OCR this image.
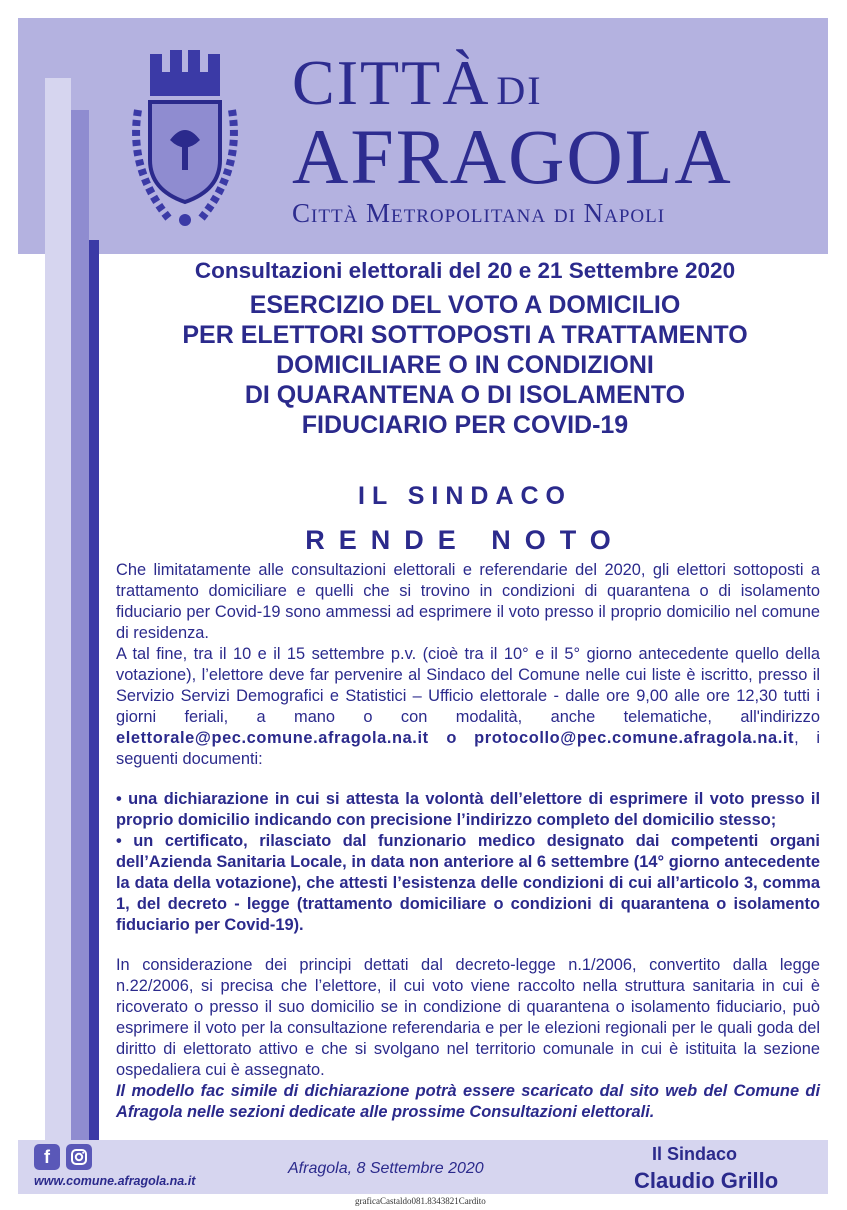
CITTÀ DI

AFRAGOLA

Città Metropolitana di Napoli

Consultazioni elettorali del 20 e 21 Settembre 2020

ESERCIZIO DEL VOTO A DOMICILIO
PER ELETTORI SOTTOPOSTI A TRATTAMENTO
DOMICILIARE O IN CONDIZIONI
DI QUARANTENA O DI ISOLAMENTO
FIDUCIARIO PER COVID-19

IL SINDACO

RENDE NOTO

Che limitatamente alle consultazioni elettorali e referendarie del 2020, gli elettori sottoposti a trattamento domiciliare e quelli che si trovino in condizioni di quarantena o di isolamento fiduciario per Covid-19 sono ammessi ad esprimere il voto presso il proprio domicilio nel comune di residenza.

A tal fine, tra il 10 e il 15 settembre p.v. (cioè tra il 10° e il 5° giorno antecedente quello della votazione), l’elettore deve far pervenire al Sindaco del Comune nelle cui liste è iscritto, presso il Servizio Servizi Demografici e Statistici – Ufficio elettorale - dalle ore 9,00 alle ore 12,30 tutti i giorni feriali, a mano o con modalità, anche telematiche, all'indirizzo elettorale@pec.comune.afragola.na.it o protocollo@pec.comune.afragola.na.it, i seguenti documenti:

• una dichiarazione in cui si attesta la volontà dell’elettore di esprimere il voto presso il proprio domicilio indicando con precisione l’indirizzo completo del domicilio stesso;

• un certificato, rilasciato dal funzionario medico designato dai competenti organi dell’Azienda Sanitaria Locale, in data non anteriore al 6 settembre (14° giorno antecedente la data della votazione), che attesti l’esistenza delle condizioni di cui all’articolo 3, comma 1, del decreto - legge (trattamento domiciliare o condizioni di quarantena o isolamento fiduciario per Covid-19).

In considerazione dei principi dettati dal decreto-legge n.1/2006, convertito dalla legge n.22/2006, si precisa che l’elettore, il cui voto viene raccolto nella struttura sanitaria in cui è ricoverato o presso il suo domicilio se in condizione di quarantena o isolamento fiduciario, può esprimere il voto per la consultazione referendaria e per le elezioni regionali per le quali goda del diritto di elettorato attivo e che si svolgano nel territorio comunale in cui è istituita la sezione ospedaliera cui è assegnato.

Il modello fac simile di dichiarazione potrà essere scaricato dal sito web del Comune di Afragola nelle sezioni dedicate alle prossime Consultazioni elettorali.

f
www.comune.afragola.na.it
Afragola, 8 Settembre 2020
Il Sindaco
Claudio Grillo
graficaCastaldo081.8343821Cardito
